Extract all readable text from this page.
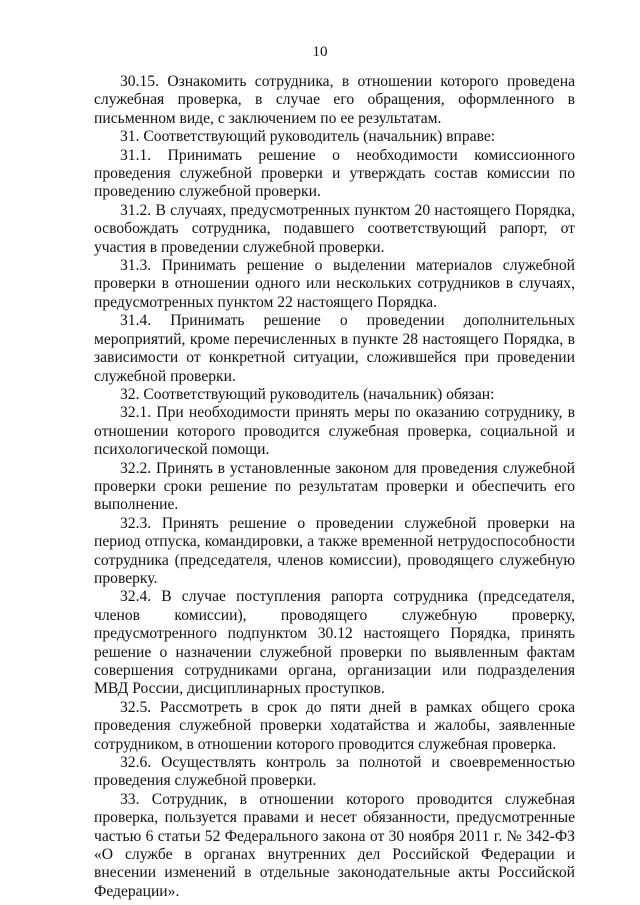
10

30.15. Ознакомить сотрудника, в отношении которого проведена служебная проверка, в случае его обращения, оформленного в письменном виде, с заключением по ее результатам.

31. Соответствующий руководитель (начальник) вправе:

31.1. Принимать решение о необходимости комиссионного проведения служебной проверки и утверждать состав комиссии по проведению служебной проверки.

31.2. В случаях, предусмотренных пунктом 20 настоящего Порядка, освобождать сотрудника, подавшего соответствующий рапорт, от участия в проведении служебной проверки.

31.3. Принимать решение о выделении материалов служебной проверки в отношении одного или нескольких сотрудников в случаях, предусмотренных пунктом 22 настоящего Порядка.

31.4. Принимать решение о проведении дополнительных мероприятий, кроме перечисленных в пункте 28 настоящего Порядка, в зависимости от конкретной ситуации, сложившейся при проведении служебной проверки.

32. Соответствующий руководитель (начальник) обязан:

32.1. При необходимости принять меры по оказанию сотруднику, в отношении которого проводится служебная проверка, социальной и психологической помощи.

32.2. Принять в установленные законом для проведения служебной проверки сроки решение по результатам проверки и обеспечить его выполнение.

32.3. Принять решение о проведении служебной проверки на период отпуска, командировки, а также временной нетрудоспособности сотрудника (председателя, членов комиссии), проводящего служебную проверку.

32.4. В случае поступления рапорта сотрудника (председателя, членов комиссии), проводящего служебную проверку, предусмотренного подпунктом 30.12 настоящего Порядка, принять решение о назначении служебной проверки по выявленным фактам совершения сотрудниками органа, организации или подразделения МВД России, дисциплинарных проступков.

32.5. Рассмотреть в срок до пяти дней в рамках общего срока проведения служебной проверки ходатайства и жалобы, заявленные сотрудником, в отношении которого проводится служебная проверка.

32.6. Осуществлять контроль за полнотой и своевременностью проведения служебной проверки.

33. Сотрудник, в отношении которого проводится служебная проверка, пользуется правами и несет обязанности, предусмотренные частью 6 статьи 52 Федерального закона от 30 ноября 2011 г. № 342-ФЗ «О службе в органах внутренних дел Российской Федерации и внесении изменений в отдельные законодательные акты Российской Федерации».
